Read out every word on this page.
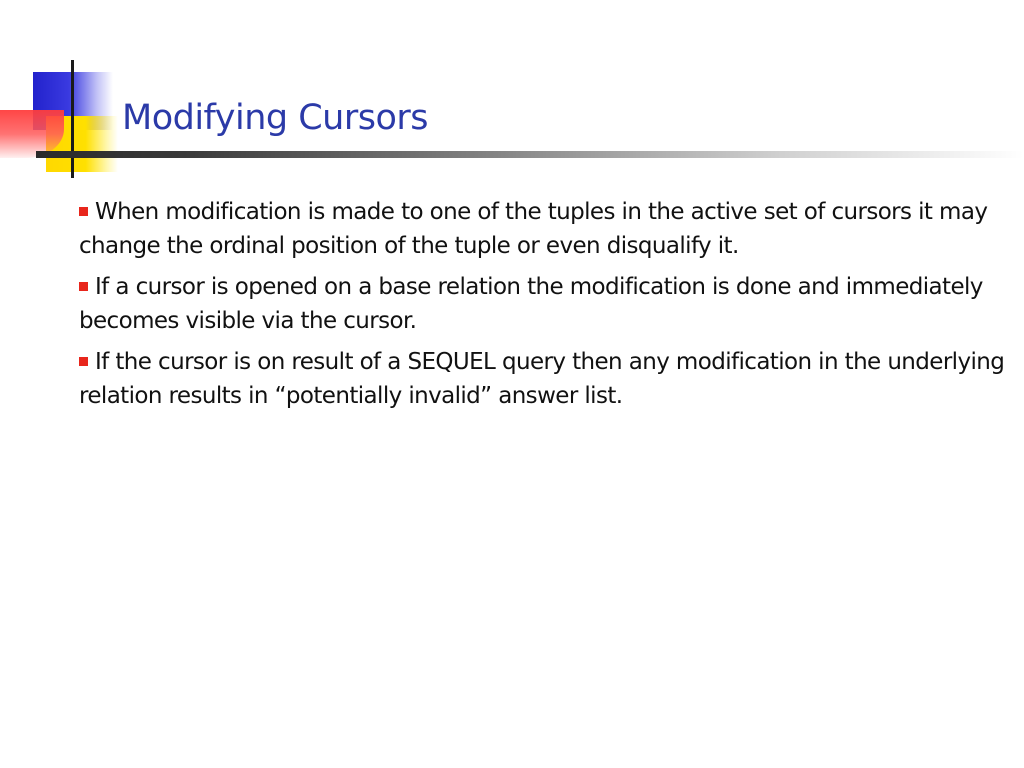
Modifying Cursors
When modification is made to one of the tuples in the active set of cursors it may change the ordinal position of the tuple or even disqualify it.
If a cursor is opened on a base relation the modification is done and immediately becomes visible via the cursor.
If the cursor is on result of a SEQUEL query then any modification in the underlying relation results in “potentially invalid” answer list.
